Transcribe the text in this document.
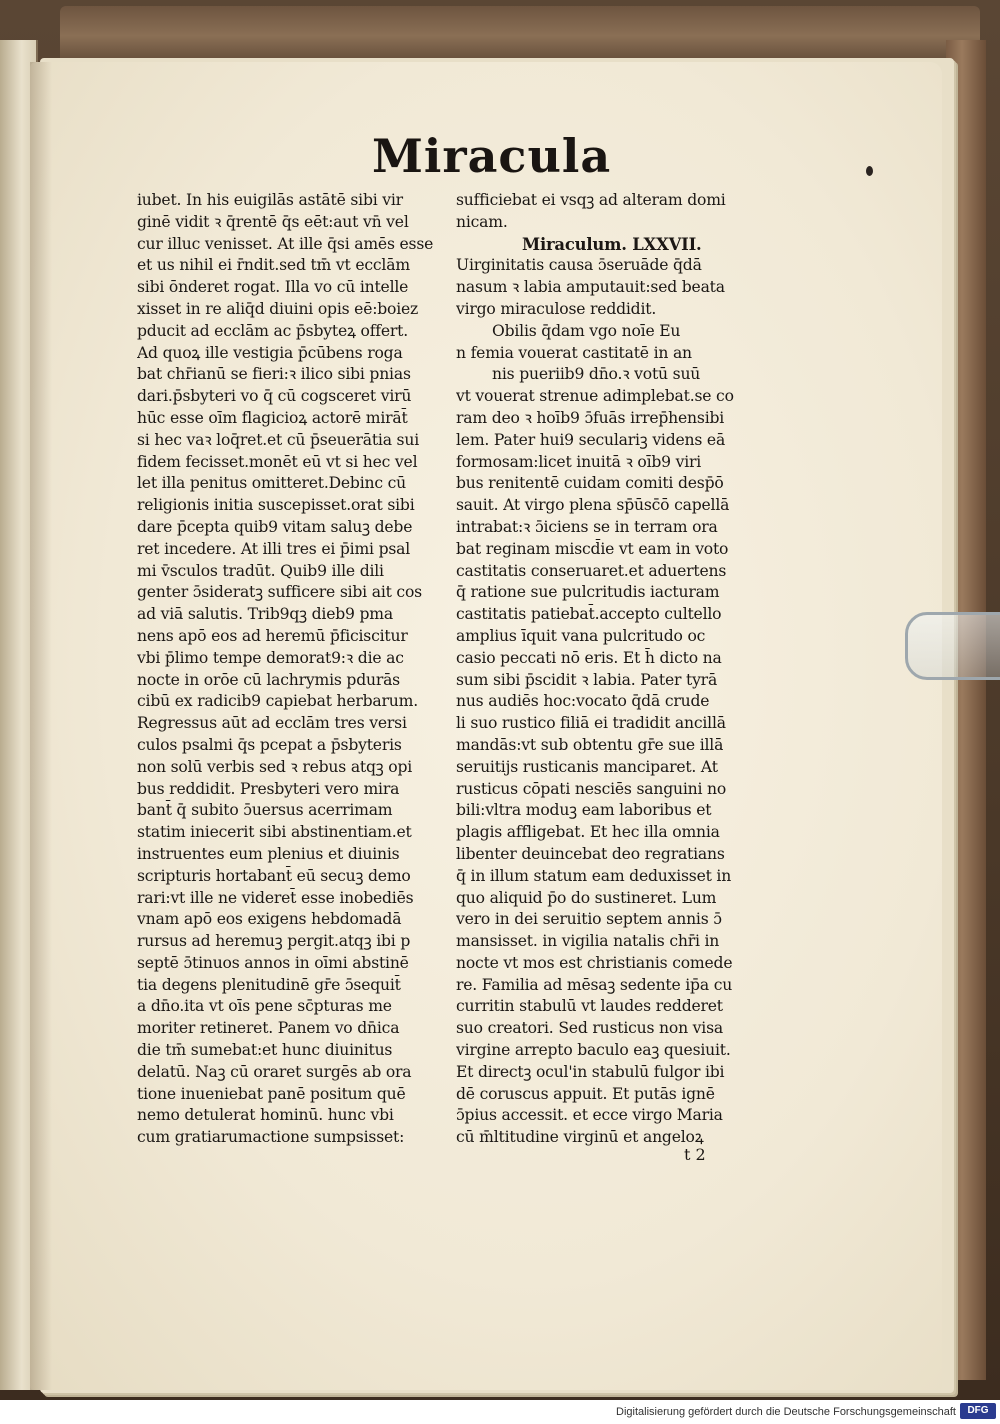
Miracula
iubet. In his euigilās astātē sibi vir
ginē vidit ꝛ q̄rentē q̄s eēt:aut vn̄ vel
cur illuc venisset. At ille q̄si amēs esse
et us nihil ei r̄ndit.sed tm̄ vt ecclām
sibi ōnderet rogat. Illa vo cū intelle
xisset in re aliq̄d diuini opis eē:boiez
pducit ad ecclām ac p̄sbyteꝝ offert.
Ad quoꝝ ille vestigia p̄cūbens roga
bat chr̄ianū se fieri:ꝛ ilico sibi pnias
dari.p̄sbyteri vo q̄ cū cogsceret virū
hūc esse oīm flagicioꝝ actorē mirāt̄
si hec vaꝛ loq̄ret.et cū p̄seuerātia sui
fidem fecisset.monēt eū vt si hec vel
let illa penitus omitteret.Debinc cū
religionis initia suscepisset.orat sibi
dare p̄cepta quib9 vitam saluꝫ debe
ret incedere. At illi tres ei p̄imi psal
mi v̄sculos tradūt. Quib9 ille dili
genter ɔ̄sideratꝫ sufficere sibi ait cos
ad viā salutis. Trib9qꝫ dieb9 pma
nens apō eos ad heremū p̄ficiscitur
vbi p̄limo tempe demorat9:ꝛ die ac
nocte in orōe cū lachrymis pdurās
cibū ex radicib9 capiebat herbarum.
Regressus aūt ad ecclām tres versi
culos psalmi q̄s pcepat a p̄sbyteris
non solū verbis sed ꝛ rebus atqꝫ opi
bus reddidit. Presbyteri vero mira
bant̄ q̄ subito ɔ̄uersus acerrimam
statim iniecerit sibi abstinentiam.et
instruentes eum plenius et diuinis
scripturis hortabant̄ eū secuꝫ demo
rari:vt ille ne videret̄ esse inobediēs
vnam apō eos exigens hebdomadā
rursus ad heremuꝫ pergit.atqꝫ ibi p
septē ɔ̄tinuos annos in oīmi abstinē
tia degens plenitudinē gr̄e ɔ̄sequit̄
a dn̄o.ita vt oīs pene sc̄pturas me
moriter retineret. Panem vo dn̄ica
die tm̄ sumebat:et hunc diuinitus
delatū. Naꝫ cū oraret surgēs ab ora
tione inueniebat panē positum quē
nemo detulerat hominū. hunc vbi
cum gratiarumactione sumpsisset:
sufficiebat ei vsqꝫ ad alteram domi
nicam.
Miraculum. LXXVII.
Uirginitatis causa ɔ̄seruāde q̄dā
nasum ꝛ labia amputauit:sed beata
virgo miraculose reddidit.
Obilis q̄dam vgo noīe Eu
n femia vouerat castitatē in an
nis pueriib9 dn̄o.ꝛ votū suū
vt vouerat strenue adimplebat.se co
ram deo ꝛ hoīb9 ɔ̄fuās irrep̄hensibi
lem. Pater hui9 seculariꝫ videns eā
formosam:licet inuitā ꝛ oīb9 viri
bus renitentē cuidam comiti desp̄ō
sauit. At virgo plena sp̄ūsc̄ō capellā
intrabat:ꝛ ɔ̄iciens se in terram ora
bat reginam miscd̄ie vt eam in voto
castitatis conseruaret.et aduertens
q̄ ratione sue pulcritudis iacturam
castitatis patiebat̄.accepto cultello
amplius īquit vana pulcritudo oc
casio peccati nō eris. Et h̄ dicto na
sum sibi p̄scidit ꝛ labia. Pater tyrā
nus audiēs hoc:vocato q̄dā crude
li suo rustico filiā ei tradidit ancillā
mandās:vt sub obtentu gr̄e sue illā
seruitijs rusticanis manciparet. At
rusticus cōpati nesciēs sanguini no
bili:vltra moduꝫ eam laboribus et
plagis affligebat. Et hec illa omnia
libenter deuincebat deo regratians
q̄ in illum statum eam deduxisset in
quo aliquid p̄o do sustineret. Lum
vero in dei seruitio septem annis ɔ̄
mansisset. in vigilia natalis chr̄i in
nocte vt mos est christianis comede
re. Familia ad mēsaꝫ sedente ip̄a cu
curritin stabulū vt laudes redderet
suo creatori. Sed rusticus non visa
virgine arrepto baculo eaꝫ quesiuit.
Et directꝫ ocul'in stabulū fulgor ibi
dē coruscus appuit. Et putās ignē
ɔ̄pius accessit. et ecce virgo Maria
cū m̄ltitudine virginū et angeloꝝ

t 2

Digitalisierung gefördert durch die Deutsche Forschungsgemeinschaft	DFG
